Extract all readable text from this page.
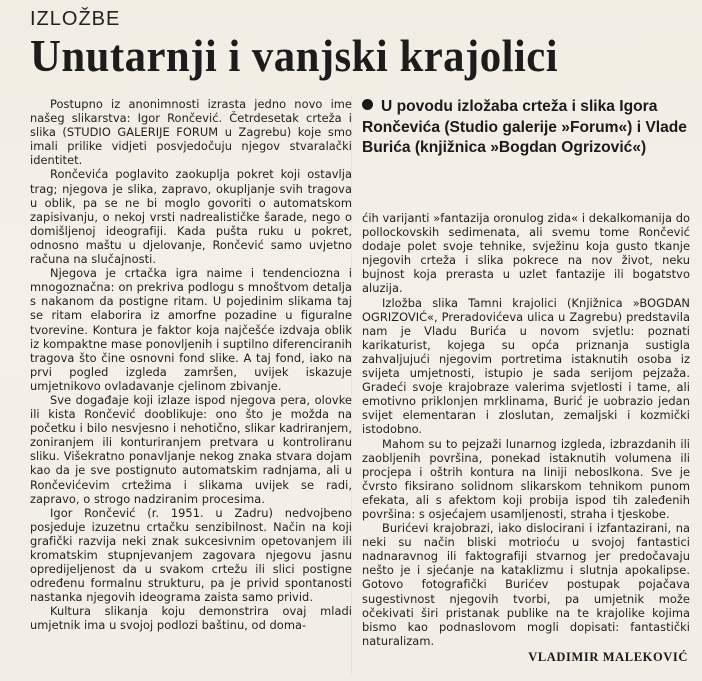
IZLOŽBE
Unutarnji i vanjski krajolici

Postupno iz anonimnosti izrasta jedno novo ime našeg slikarstva: Igor Rončević. Četrdesetak crteža i slika (STUDIO GALERIJE FORUM u Zagrebu) koje smo imali prilike vidjeti posvjedočuju njegov stvaralački identitet.

Rončevića poglavito zaokuplja pokret koji ostavlja trag; njegova je slika, zapravo, okupljanje svih tragova u oblik, pa se ne bi moglo govoriti o automatskom zapisivanju, o nekoj vrsti nadrealističke šarade, nego o domišljenoj ideografiji. Kada pušta ruku u pokret, odnosno maštu u djelovanje, Rončević samo uvjetno računa na slučajnosti.

Njegova je crtačka igra naime i tendenciozna i mnogoznačna: on prekriva podlogu s mnoštvom detalja s nakanom da postigne ritam. U pojedinim slikama taj se ritam elaborira iz amorfne pozadine u figuralne tvorevine. Kontura je faktor koja najčešće izdvaja oblik iz kompaktne mase ponovljenih i suptilno diferenciranih tragova što čine osnovni fond slike. A taj fond, iako na prvi pogled izgleda zamršen, uvijek iskazuje umjetnikovo ovladavanje cjelinom zbivanje.

Sve događaje koji izlaze ispod njegova pera, olovke ili kista Rončević dooblikuje: ono što je možda na početku i bilo nesvjesno i nehotično, slikar kadriranjem, zoniranjem ili konturiranjem pretvara u kontroliranu sliku. Višekratno ponavljanje nekog znaka stvara dojam kao da je sve postignuto automatskim radnjama, ali u Rončevićevim crtežima i slikama uvijek se radi, zapravo, o strogo nadziranim procesima.

Igor Rončević (r. 1951. u Zadru) nedvojbeno posjeduje izuzetnu crtačku senzibilnost. Način na koji grafički razvija neki znak sukcesivnim opetovanjem ili kromatskim stupnjevanjem zagovara njegovu jasnu opredijeljenost da u svakom crtežu ili slici postigne određenu formalnu strukturu, pa je privid spontanosti nastanka njegovih ideograma zaista samo privid.

Kultura slikanja koju demonstrira ovaj mladi umjetnik ima u svojoj podlozi baštinu, od doma-

U povodu izložaba crteža i slika Igora Rončevića (Studio galerije »Forum«) i Vlade Burića (knjižnica »Bogdan Ogrizović«)

ćih varijanti »fantazija oronulog zida« i dekalkomanija do pollockovskih sedimenata, ali svemu tome Rončević dodaje polet svoje tehnike, svježinu koja gusto tkanje njegovih crteža i slika pokrece na nov život, neku bujnost koja prerasta u uzlet fantazije ili bogatstvo aluzija.

Izložba slika Tamni krajolici (Knjižnica »BOGDAN OGRIZOVIĆ«, Preradovićeva ulica u Zagrebu) predstavila nam je Vladu Burića u novom svjetlu: poznati karikaturist, kojega su opća priznanja sustigla zahvaljujući njegovim portretima istaknutih osoba iz svijeta umjetnosti, istupio je sada serijom pejzaža. Gradeći svoje krajobraze valerima svjetlosti i tame, ali emotivno priklonjen mrklinama, Burić je uobrazio jedan svijet elementaran i zloslutan, zemaljski i kozmički istodobno.

Mahom su to pejzaži lunarnog izgleda, izbrazdanih ili zaobljenih površina, ponekad istaknutih volumena ili procjepa i oštrih kontura na liniji neboslkona. Sve je čvrsto fiksirano solidnom slikarskom tehnikom punom efekata, ali s afektom koji probija ispod tih zaleđenih površina: s osjećajem usamljenosti, straha i tjeskobe.

Burićevi krajobrazi, iako dislocirani i izfantazirani, na neki su način bliski motrioću u svojoj fantastici nadnaravnog ili faktografiji stvarnog jer predočavaju nešto je i sjećanje na kataklizmu i slutnja apokalipse. Gotovo fotografički Burićev postupak pojačava sugestivnost njegovih tvorbi, pa umjetnik može očekivati širi pristanak publike na te krajolike kojima bismo kao podnaslovom mogli dopisati: fantastički naturalizam.

VLADIMIR MALEKOVIĆ
